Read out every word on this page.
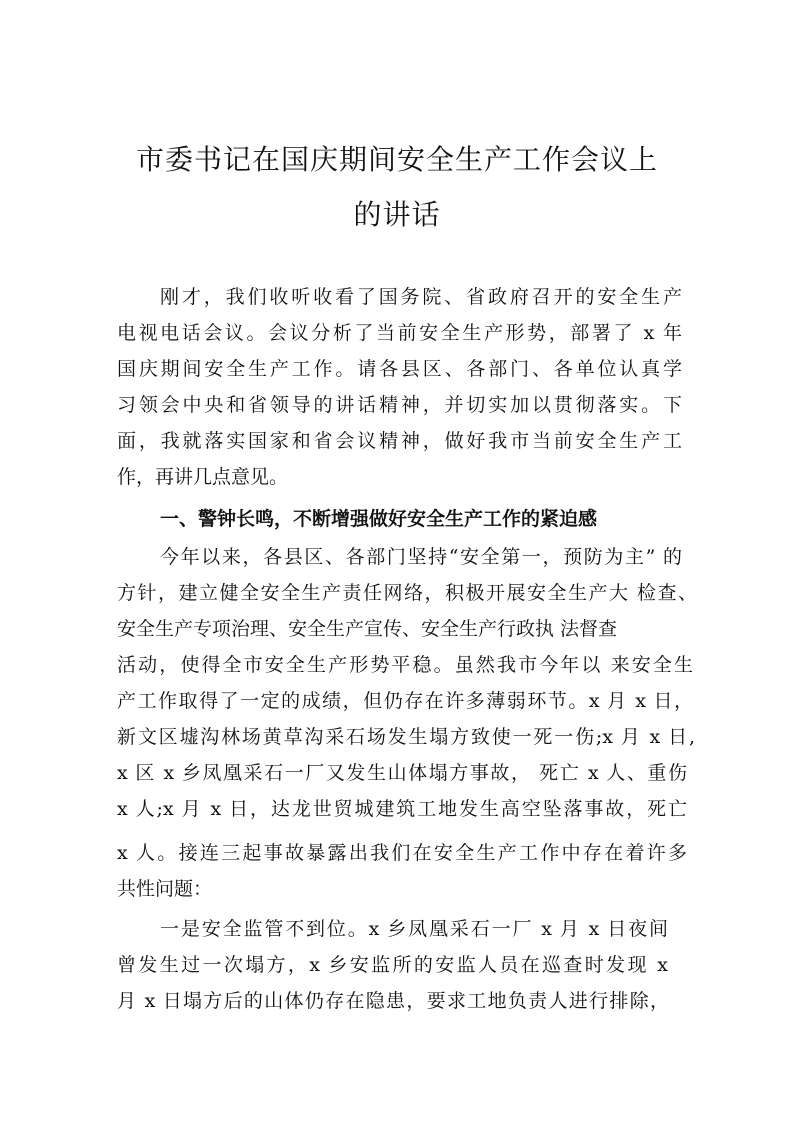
市委书记在国庆期间安全生产工作会议上
的讲话
刚才，我们收听收看了国务院、省政府召开的安全生产
电视电话会议。会议分析了当前安全生产形势，部署了 x 年
国庆期间安全生产工作。请各县区、各部门、各单位认真学
习领会中央和省领导的讲话精神，并切实加以贯彻落实。下
面，我就落实国家和省会议精神，做好我市当前安全生产工
作，再讲几点意见。
一、警钟长鸣，不断增强做好安全生产工作的紧迫感
今年以来，各县区、各部门坚持“安全第一，预防为主” 的
方针，建立健全安全生产责任网络，积极开展安全生产大 检查、
安全生产专项治理、安全生产宣传、安全生产行政执 法督查
活动，使得全市安全生产形势平稳。虽然我市今年以 来安全生
产工作取得了一定的成绩，但仍存在许多薄弱环节。x 月 x 日，
新文区墟沟林场黄草沟采石场发生塌方致使一死一伤;x 月 x 日,
x 区 x 乡凤凰采石一厂又发生山体塌方事故， 死亡 x 人、重伤
x 人;x 月 x 日，达龙世贸城建筑工地发生高空坠落事故，死亡
x 人。接连三起事故暴露出我们在安全生产工作中存在着许多
共性问题：
一是安全监管不到位。x 乡凤凰采石一厂 x 月 x 日夜间
曾发生过一次塌方，x 乡安监所的安监人员在巡查时发现 x
月 x 日塌方后的山体仍存在隐患，要求工地负责人进行排除，
